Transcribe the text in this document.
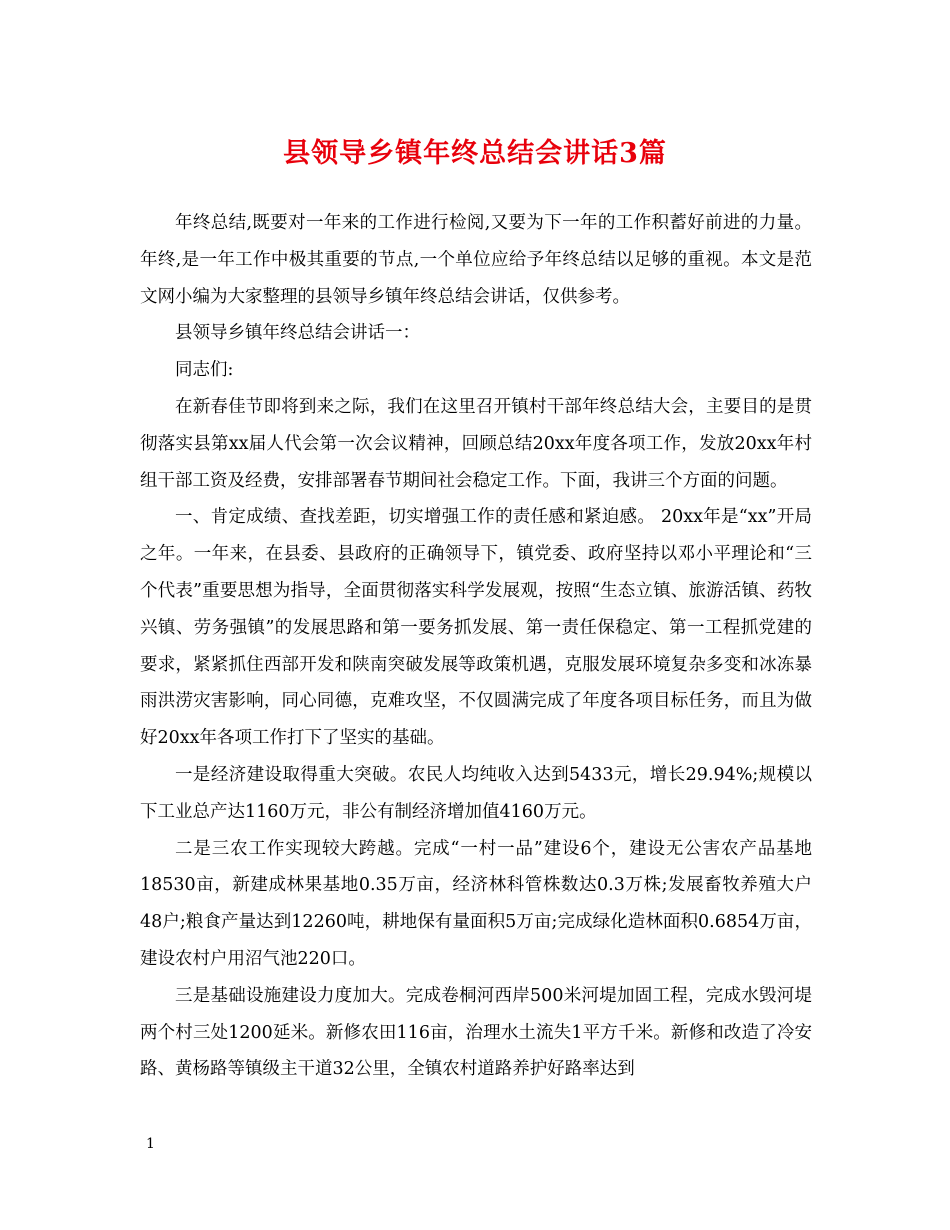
县领导乡镇年终总结会讲话3篇

年终总结,既要对一年来的工作进行检阅,又要为下一年的工作积蓄好前进的力量。年终,是一年工作中极其重要的节点,一个单位应给予年终总结以足够的重视。本文是范文网小编为大家整理的县领导乡镇年终总结会讲话，仅供参考。

县领导乡镇年终总结会讲话一：

同志们:

在新春佳节即将到来之际，我们在这里召开镇村干部年终总结大会，主要目的是贯彻落实县第xx届人代会第一次会议精神，回顾总结20xx年度各项工作，发放20xx年村组干部工资及经费，安排部署春节期间社会稳定工作。下面，我讲三个方面的问题。

一、肯定成绩、查找差距，切实增强工作的责任感和紧迫感。 20xx年是“xx”开局之年。一年来，在县委、县政府的正确领导下，镇党委、政府坚持以邓小平理论和“三个代表”重要思想为指导，全面贯彻落实科学发展观，按照“生态立镇、旅游活镇、药牧兴镇、劳务强镇”的发展思路和第一要务抓发展、第一责任保稳定、第一工程抓党建的要求，紧紧抓住西部开发和陕南突破发展等政策机遇，克服发展环境复杂多变和冰冻暴雨洪涝灾害影响，同心同德，克难攻坚，不仅圆满完成了年度各项目标任务，而且为做好20xx年各项工作打下了坚实的基础。

一是经济建设取得重大突破。农民人均纯收入达到5433元，增长29.94%;规模以下工业总产达1160万元，非公有制经济增加值4160万元。

二是三农工作实现较大跨越。完成“一村一品”建设6个，建设无公害农产品基地18530亩，新建成林果基地0.35万亩，经济林科管株数达0.3万株;发展畜牧养殖大户48户;粮食产量达到12260吨，耕地保有量面积5万亩;完成绿化造林面积0.6854万亩，建设农村户用沼气池220口。

三是基础设施建设力度加大。完成卷桐河西岸500米河堤加固工程，完成水毁河堤两个村三处1200延米。新修农田116亩，治理水土流失1平方千米。新修和改造了冷安路、黄杨路等镇级主干道32公里，全镇农村道路养护好路率达到

1
